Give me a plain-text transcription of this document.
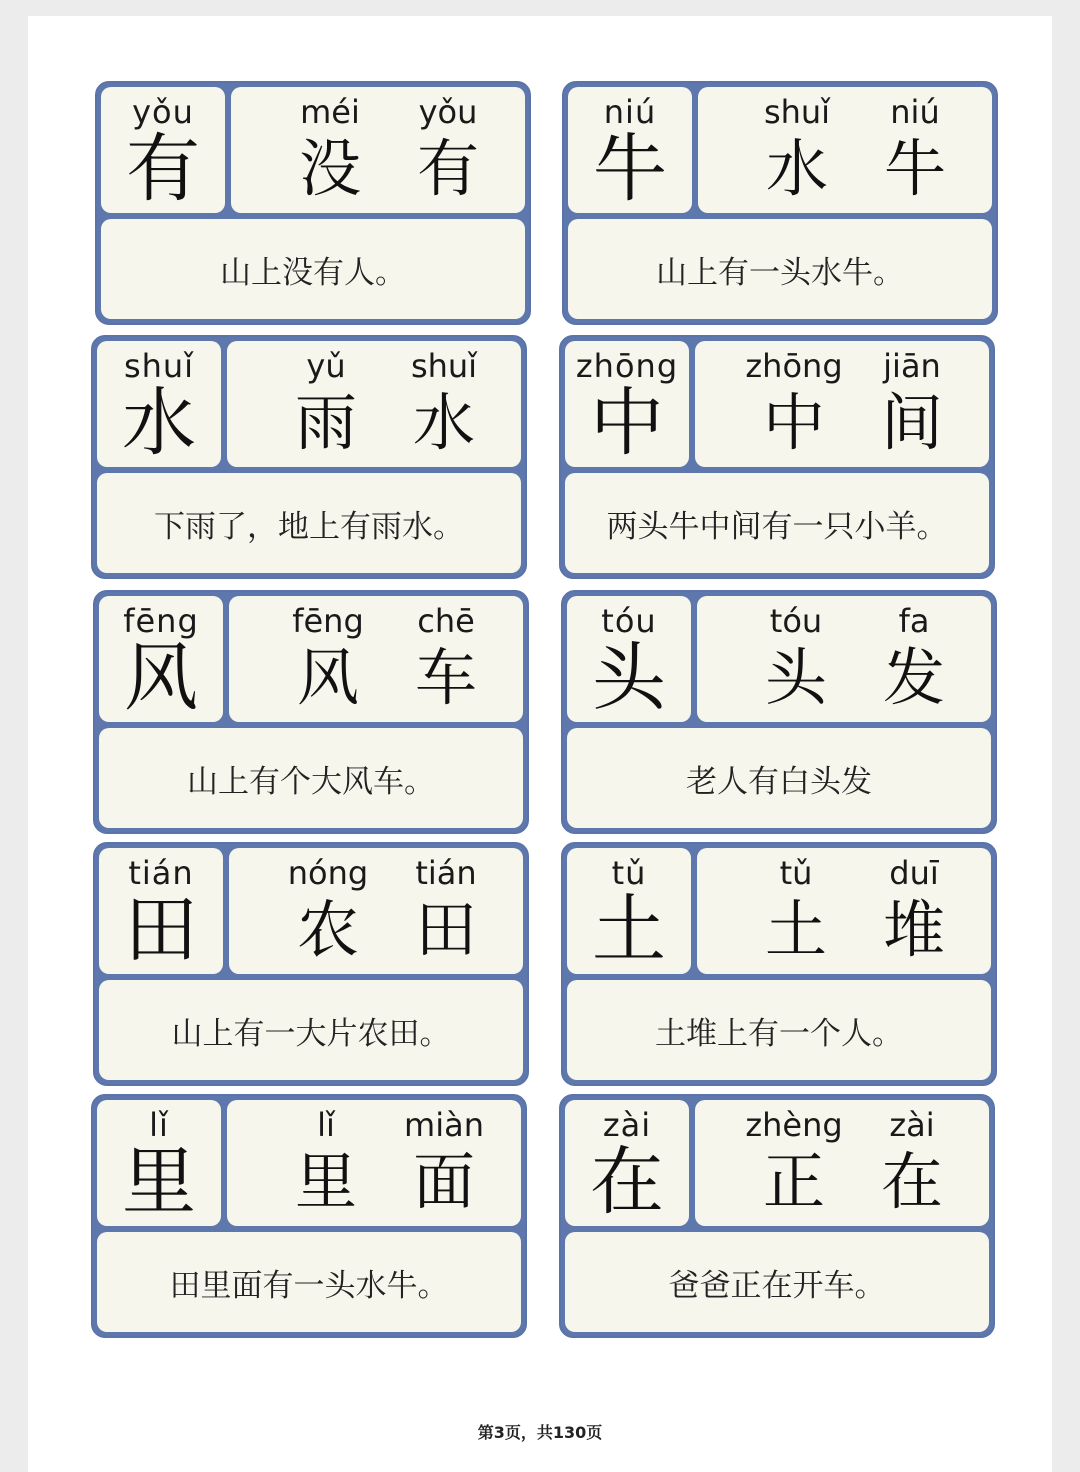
yǒu
有
méi	yǒu
没 有
山上没有人。
niú
牛
shuǐ	niú
水 牛
山上有一头水牛。
shuǐ
水
yǔ	shuǐ
雨 水
下雨了，地上有雨水。
zhōng
中
zhōng	jiān
中 间
两头牛中间有一只小羊。
fēng
风
fēng	chē
风 车
山上有个大风车。
tóu
头
tóu	fa
头 发
老人有白头发
tián
田
nóng	tián
农 田
山上有一大片农田。
tǔ
土
tǔ	duī
土 堆
土堆上有一个人。
lǐ
里
lǐ	miàn
里 面
田里面有一头水牛。
zài
在
zhèng	zài
正 在
爸爸正在开车。
第3页，共130页
